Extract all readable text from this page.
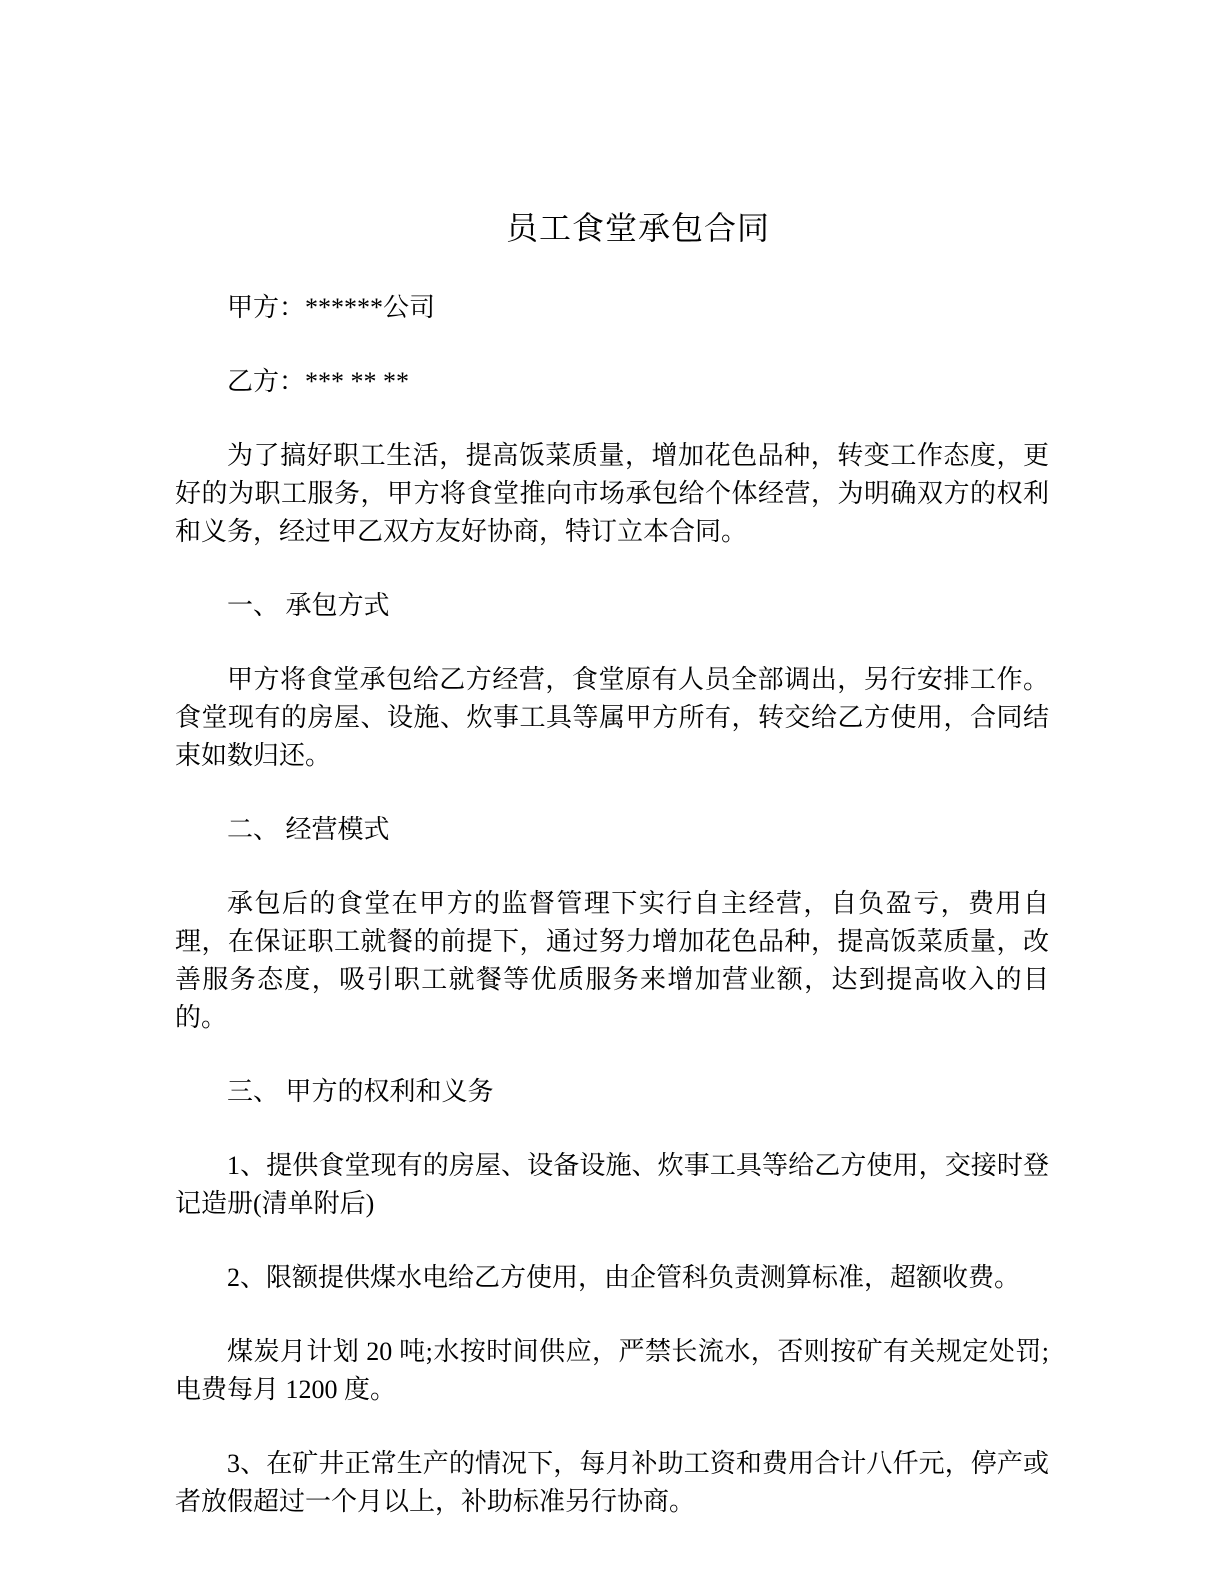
员工食堂承包合同

甲方：******公司

乙方：*** ** **

为了搞好职工生活，提高饭菜质量，增加花色品种，转变工作态度，更好的为职工服务，甲方将食堂推向市场承包给个体经营，为明确双方的权利和义务，经过甲乙双方友好协商，特订立本合同。

一、 承包方式

甲方将食堂承包给乙方经营，食堂原有人员全部调出，另行安排工作。食堂现有的房屋、设施、炊事工具等属甲方所有，转交给乙方使用，合同结束如数归还。

二、 经营模式

承包后的食堂在甲方的监督管理下实行自主经营，自负盈亏，费用自理，在保证职工就餐的前提下，通过努力增加花色品种，提高饭菜质量，改善服务态度，吸引职工就餐等优质服务来增加营业额，达到提高收入的目的。

三、 甲方的权利和义务

1、提供食堂现有的房屋、设备设施、炊事工具等给乙方使用，交接时登记造册(清单附后)

2、限额提供煤水电给乙方使用，由企管科负责测算标准，超额收费。

煤炭月计划 20 吨;水按时间供应，严禁长流水，否则按矿有关规定处罚;电费每月 1200 度。

3、在矿井正常生产的情况下，每月补助工资和费用合计八仟元，停产或者放假超过一个月以上，补助标准另行协商。
